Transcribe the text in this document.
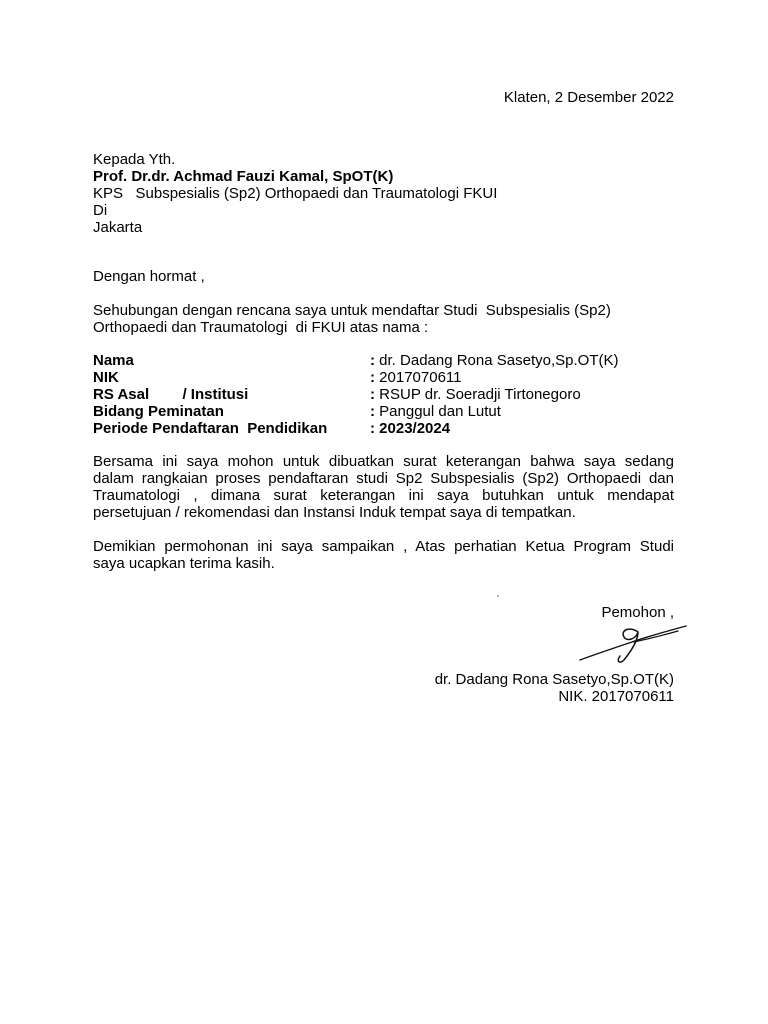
Klaten, 2 Desember 2022
Kepada Yth.
Prof. Dr.dr. Achmad Fauzi Kamal, SpOT(K)
KPS   Subspesialis (Sp2) Orthopaedi dan Traumatologi FKUI
Di
Jakarta
Dengan hormat ,
Sehubungan dengan rencana saya untuk mendaftar Studi  Subspesialis (Sp2)
Orthopaedi dan Traumatologi  di FKUI atas nama :
Nama	: dr. Dadang Rona Sasetyo,Sp.OT(K)
NIK	: 2017070611
RS Asal        / Institusi	: RSUP dr. Soeradji Tirtonegoro
Bidang Peminatan	: Panggul dan Lutut
Periode Pendaftaran  Pendidikan	: 2023/2024
Bersama ini saya mohon untuk dibuatkan surat keterangan bahwa saya sedang
dalam rangkaian proses pendaftaran studi Sp2 Subspesialis (Sp2) Orthopaedi dan
Traumatologi , dimana surat keterangan ini saya butuhkan untuk mendapat
persetujuan / rekomendasi dan Instansi Induk tempat saya di tempatkan.
Demikian permohonan ini saya sampaikan , Atas perhatian Ketua Program Studi
saya ucapkan terima kasih.
Pemohon ,
dr. Dadang Rona Sasetyo,Sp.OT(K)
NIK. 2017070611
